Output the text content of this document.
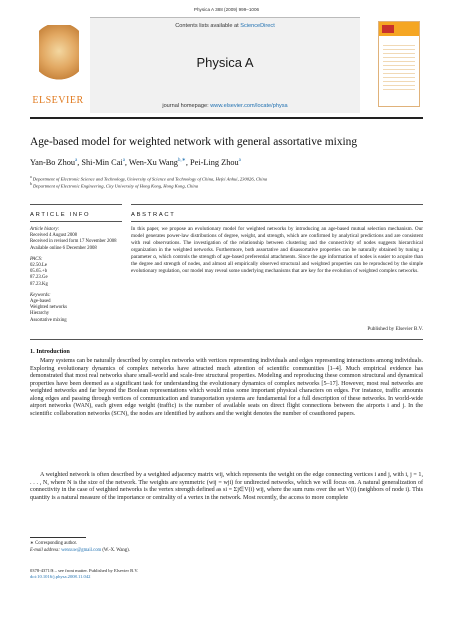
Physica A 388 (2009) 999–1006
ELSEVIER
Contents lists available at ScienceDirect
Physica A
journal homepage: www.elsevier.com/locate/physa
Age-based model for weighted network with general assortative mixing
Yan-Bo Zhou$^a$, Shi-Min Cai$^a$, Wen-Xu Wang$^{b,∗}$, Pei-Ling Zhou$^a$
$^a$ Department of Electronic Science and Technology, University of Science and Technology of China, Hefei Anhui, 230026, China
$^b$ Department of Electronic Engineering, City University of Hong Kong, Hong Kong, China
ARTICLE INFO	ABSTRACT
Article history:
Received 4 August 2008
Received in revised form 17 November 2008
Available online 6 December 2008
PACS:
02.50.Le
05.65.+b
87.23.Ge
87.23.Kg
Keywords:
Age-based
Weighted networks
Hierarchy
Assortative mixing
In this paper, we propose an evolutionary model for weighted networks by introducing an age-based mutual selection mechanism. Our model generates power-law distributions of degree, weight, and strength, which are confirmed by analytical predictions and are consistent with real observations. The investigation of the relationship between clustering and the connectivity of nodes suggests hierarchical organization in the weighted networks. Furthermore, both assortative and disassortative properties can be naturally obtained by tuning a parameter α, which controls the strength of age-based preferential attachments. Since the age information of nodes is easier to acquire than the degree and strength of nodes, and almost all empirically observed structural and weighted properties can be reproduced by the simple evolutionary regulation, our model may reveal some underlying mechanisms that are key for the evolution of weighted complex networks.
Published by Elsevier B.V.
1. Introduction
Many systems can be naturally described by complex networks with vertices representing individuals and edges representing interactions among individuals. Exploring evolutionary dynamics of complex networks have attracted much attention of scientific communities [1–4]. Much empirical evidence has demonstrated that most real networks share small-world and scale-free structural properties. Modeling and reproducing these common structural and dynamical properties have been deemed as a significant task for understanding the evolutionary dynamics of complex networks [5–17]. However, most real networks are weighted networks and far beyond the Boolean representations which would miss some important physical characters on edges. For instance, traffic amounts along edges and passing through vertices of communication and transportation systems are fundamental for a full description of these networks. In world-wide airport networks (WAN), each given edge weight (traffic) is the number of available seats on direct flight connections between the airports i and j. In the scientific collaboration networks (SCN), the nodes are identified by authors and the weight denotes the number of coauthored papers.
A weighted network is often described by a weighted adjacency matrix wij, which represents the weight on the edge connecting vertices i and j, with i, j = 1, . . . , N, where N is the size of the network. The weights are symmetric (wij = wji) for undirected networks, which we will focus on. A natural generalization of connectivity in the case of weighted networks is the vertex strength defined as si = Σj∈V(i) wij, where the sum runs over the set V(i) (neighbors of node i). This quantity is a natural measure of the importance or centrality of a vertex in the network. Most recently, the access to more complete
∗ Corresponding author.
E-mail address: wenxuw@gmail.com (W.-X. Wang).
0378-4371/$ – see front matter. Published by Elsevier B.V.
doi:10.1016/j.physa.2008.11.042
